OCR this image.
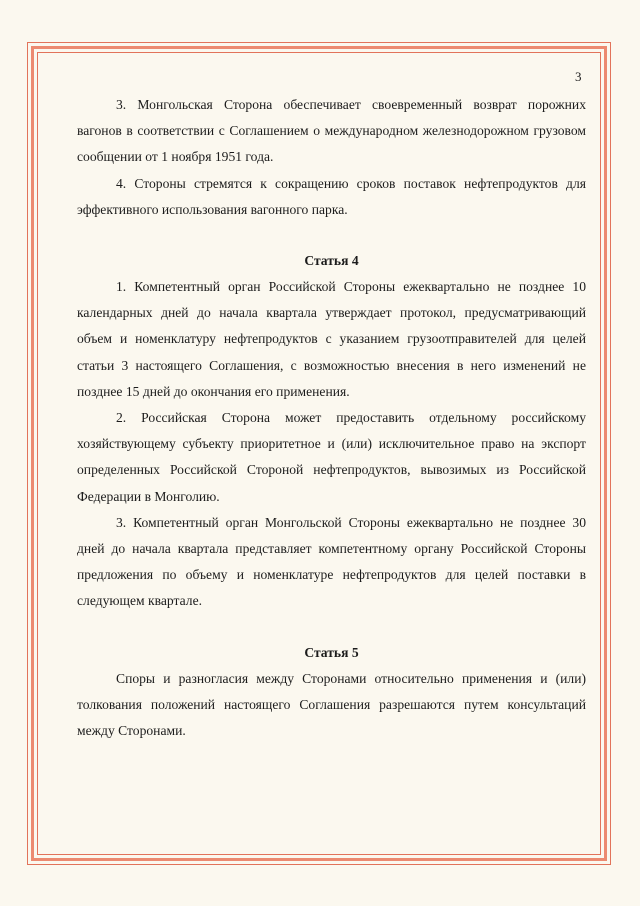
3

3. Монгольская Сторона обеспечивает своевременный возврат порожних вагонов в соответствии с Соглашением о международном железнодорожном грузовом сообщении от 1 ноября 1951 года.

4. Стороны стремятся к сокращению сроков поставок нефтепродуктов для эффективного использования вагонного парка.

Статья 4

1. Компетентный орган Российской Стороны ежеквартально не позднее 10 календарных дней до начала квартала утверждает протокол, предусматривающий объем и номенклатуру нефтепродуктов с указанием грузоотправителей для целей статьи 3 настоящего Соглашения, с возможностью внесения в него изменений не позднее 15 дней до окончания его применения.

2. Российская Сторона может предоставить отдельному российскому хозяйствующему субъекту приоритетное и (или) исключительное право на экспорт определенных Российской Стороной нефтепродуктов, вывозимых из Российской Федерации в Монголию.

3. Компетентный орган Монгольской Стороны ежеквартально не позднее 30 дней до начала квартала представляет компетентному органу Российской Стороны предложения по объему и номенклатуре нефтепродуктов для целей поставки в следующем квартале.

Статья 5

Споры и разногласия между Сторонами относительно применения и (или) толкования положений настоящего Соглашения разрешаются путем консультаций между Сторонами.
